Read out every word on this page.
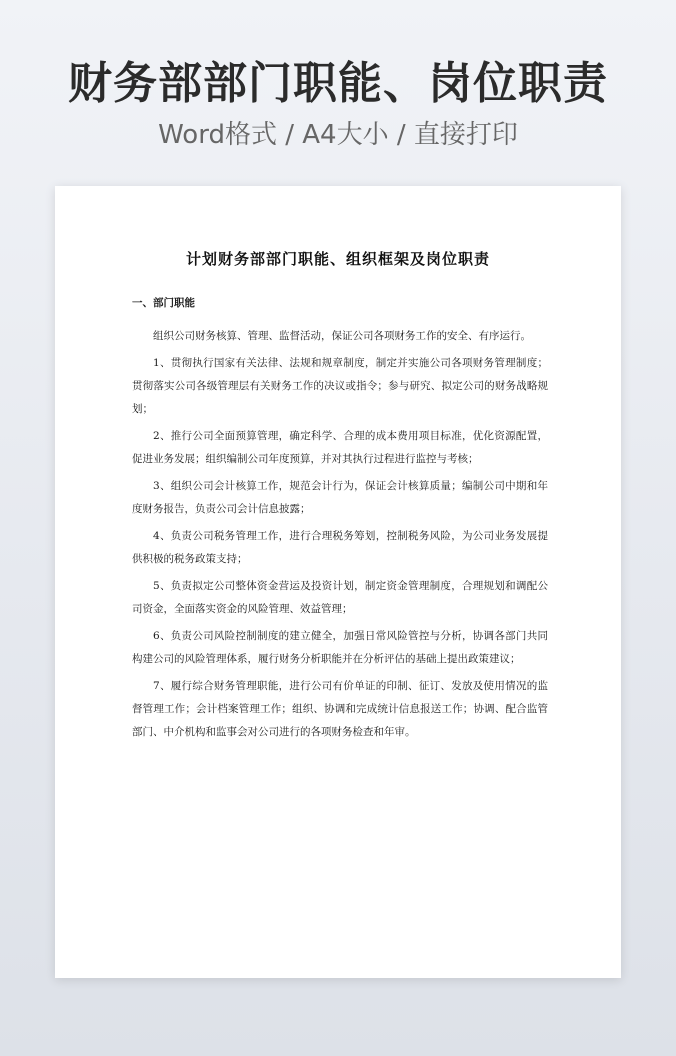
财务部部门职能、岗位职责
Word格式 / A4大小 / 直接打印
计划财务部部门职能、组织框架及岗位职责

一、部门职能

组织公司财务核算、管理、监督活动，保证公司各项财务工作的安全、有序运行。

1、贯彻执行国家有关法律、法规和规章制度，制定并实施公司各项财务管理制度；贯彻落实公司各级管理层有关财务工作的决议或指令；参与研究、拟定公司的财务战略规划；

2、推行公司全面预算管理，确定科学、合理的成本费用项目标准，优化资源配置，促进业务发展；组织编制公司年度预算，并对其执行过程进行监控与考核；

3、组织公司会计核算工作，规范会计行为，保证会计核算质量；编制公司中期和年度财务报告，负责公司会计信息披露；

4、负责公司税务管理工作，进行合理税务筹划，控制税务风险，为公司业务发展提供积极的税务政策支持；

5、负责拟定公司整体资金营运及投资计划，制定资金管理制度，合理规划和调配公司资金，全面落实资金的风险管理、效益管理；

6、负责公司风险控制制度的建立健全，加强日常风险管控与分析，协调各部门共同构建公司的风险管理体系，履行财务分析职能并在分析评估的基础上提出政策建议；

7、履行综合财务管理职能，进行公司有价单证的印制、征订、发放及使用情况的监督管理工作；会计档案管理工作；组织、协调和完成统计信息报送工作；协调、配合监管部门、中介机构和监事会对公司进行的各项财务检查和年审。
